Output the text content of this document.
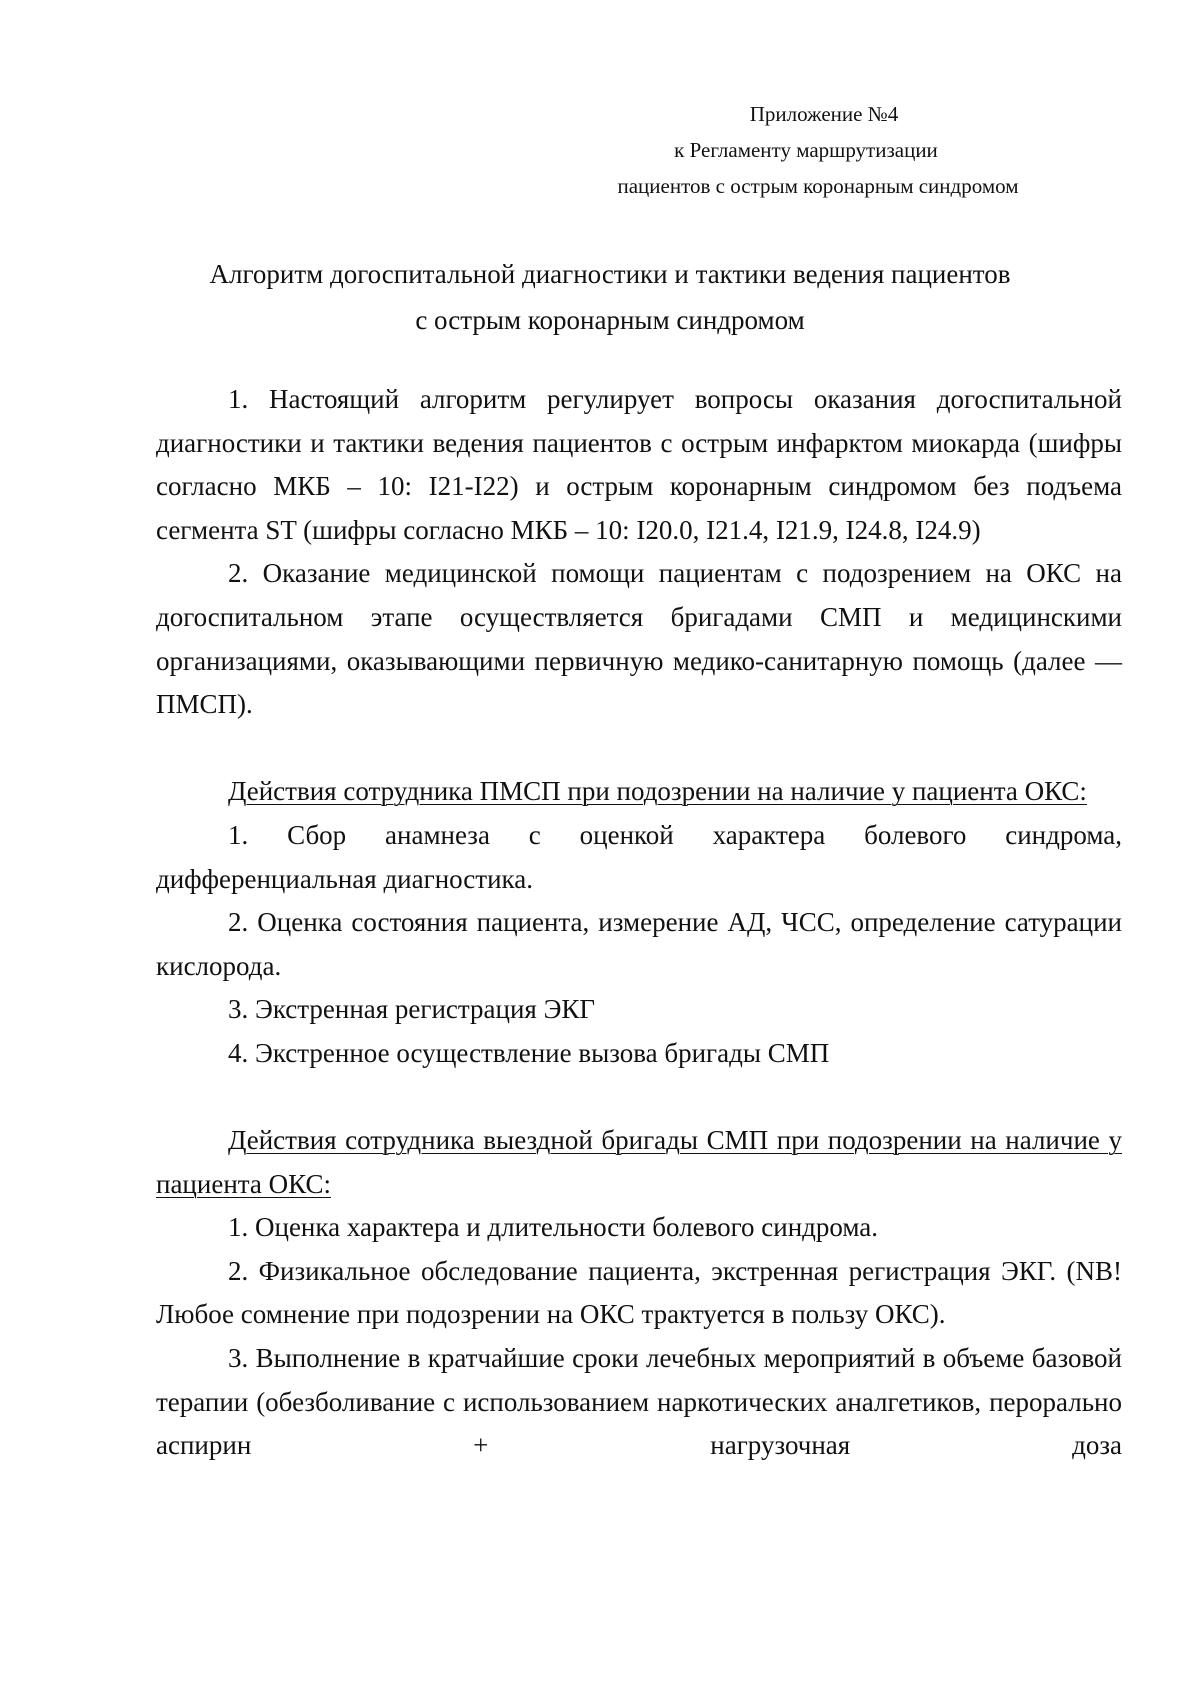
Приложение №4
к Регламенту маршрутизации
пациентов с острым коронарным синдромом
Алгоритм догоспитальной диагностики и тактики ведения пациентов
с острым коронарным синдромом

1. Настоящий алгоритм регулирует вопросы оказания догоспитальной диагностики и тактики ведения пациентов с острым инфарктом миокарда (шифры согласно МКБ – 10: I21-I22) и острым коронарным синдромом без подъема сегмента ST (шифры согласно МКБ – 10: I20.0, I21.4, I21.9, I24.8, I24.9)

2. Оказание медицинской помощи пациентам с подозрением на ОКС на догоспитальном этапе осуществляется бригадами СМП и медицинскими организациями, оказывающими первичную медико-санитарную помощь (далее — ПМСП).

Действия сотрудника ПМСП при подозрении на наличие у пациента ОКС:

1. Сбор анамнеза с оценкой характера болевого синдрома, дифференциальная диагностика.

2. Оценка состояния пациента, измерение АД, ЧСС, определение сатурации кислорода.

3. Экстренная регистрация ЭКГ

4. Экстренное осуществление вызова бригады СМП

Действия сотрудника выездной бригады СМП при подозрении на наличие у пациента ОКС:

1. Оценка характера и длительности болевого синдрома.

2. Физикальное обследование пациента, экстренная регистрация ЭКГ. (NB! Любое сомнение при подозрении на ОКС трактуется в пользу ОКС).

3. Выполнение в кратчайшие сроки лечебных мероприятий в объеме базовой терапии (обезболивание с использованием наркотических аналгетиков, перорально аспирин + нагрузочная доза
